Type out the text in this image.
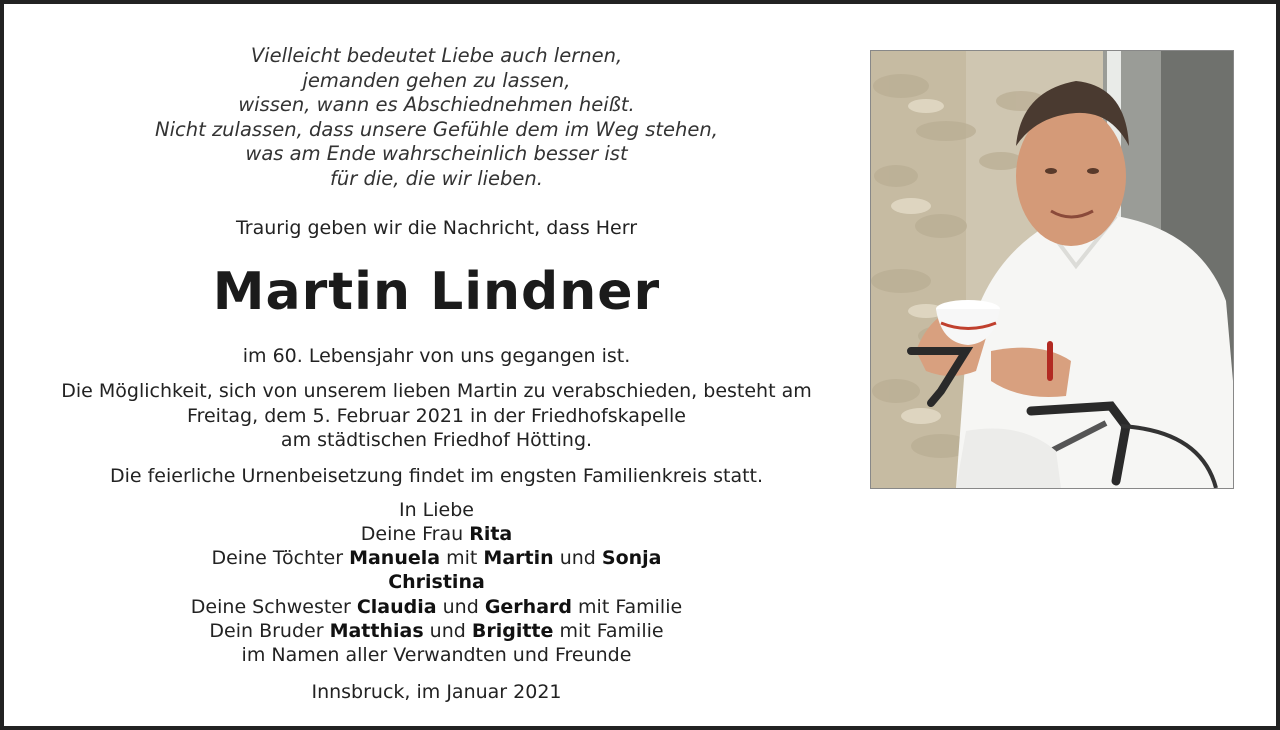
Vielleicht bedeutet Liebe auch lernen,
jemanden gehen zu lassen,
wissen, wann es Abschiednehmen heißt.
Nicht zulassen, dass unsere Gefühle dem im Weg stehen,
was am Ende wahrscheinlich besser ist
für die, die wir lieben.
Traurig geben wir die Nachricht, dass Herr
Martin Lindner
im 60. Lebensjahr von uns gegangen ist.
Die Möglichkeit, sich von unserem lieben Martin zu verabschieden, besteht am
Freitag, dem 5. Februar 2021 in der Friedhofskapelle
am städtischen Friedhof Hötting.
Die feierliche Urnenbeisetzung findet im engsten Familienkreis statt.
In Liebe
Deine Frau Rita
Deine Töchter Manuela mit Martin und Sonja
Christina
Deine Schwester Claudia und Gerhard mit Familie
Dein Bruder Matthias und Brigitte mit Familie
im Namen aller Verwandten und Freunde
Innsbruck, im Januar 2021
